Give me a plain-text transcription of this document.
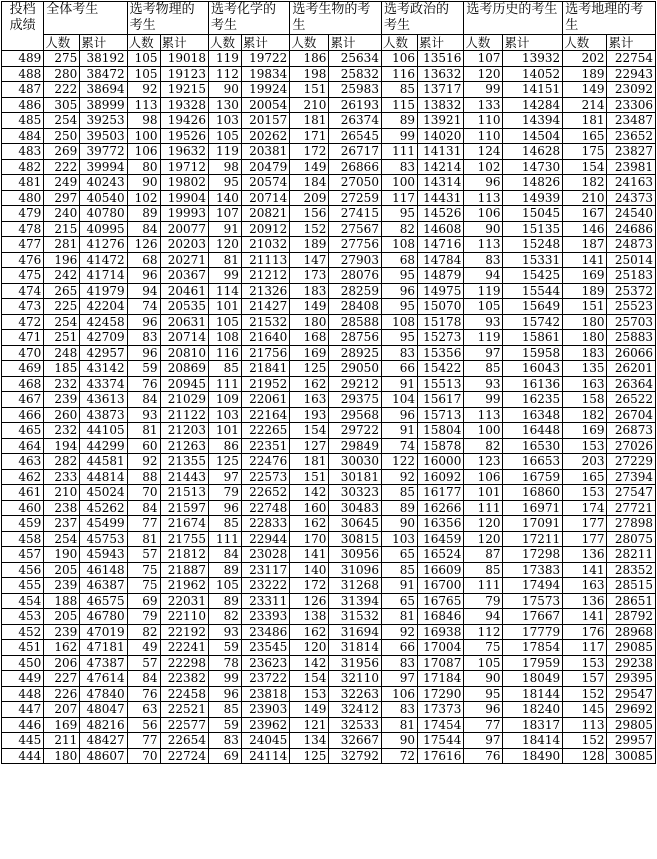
投档成绩	全体考生		选考物理的考生		选考化学的考生		选考生物的考生		选考政治的考生		选考历史的考生		选考地理的考生	
	人数	累计	人数	累计	人数	累计	人数	累计	人数	累计	人数	累计	人数	累计
489	275	38192	105	19018	119	19722	186	25634	106	13516	107	13932	202	22754
488	280	38472	105	19123	112	19834	198	25832	116	13632	120	14052	189	22943
487	222	38694	92	19215	90	19924	151	25983	85	13717	99	14151	149	23092
486	305	38999	113	19328	130	20054	210	26193	115	13832	133	14284	214	23306
485	254	39253	98	19426	103	20157	181	26374	89	13921	110	14394	181	23487
484	250	39503	100	19526	105	20262	171	26545	99	14020	110	14504	165	23652
483	269	39772	106	19632	119	20381	172	26717	111	14131	124	14628	175	23827
482	222	39994	80	19712	98	20479	149	26866	83	14214	102	14730	154	23981
481	249	40243	90	19802	95	20574	184	27050	100	14314	96	14826	182	24163
480	297	40540	102	19904	140	20714	209	27259	117	14431	113	14939	210	24373
479	240	40780	89	19993	107	20821	156	27415	95	14526	106	15045	167	24540
478	215	40995	84	20077	91	20912	152	27567	82	14608	90	15135	146	24686
477	281	41276	126	20203	120	21032	189	27756	108	14716	113	15248	187	24873
476	196	41472	68	20271	81	21113	147	27903	68	14784	83	15331	141	25014
475	242	41714	96	20367	99	21212	173	28076	95	14879	94	15425	169	25183
474	265	41979	94	20461	114	21326	183	28259	96	14975	119	15544	189	25372
473	225	42204	74	20535	101	21427	149	28408	95	15070	105	15649	151	25523
472	254	42458	96	20631	105	21532	180	28588	108	15178	93	15742	180	25703
471	251	42709	83	20714	108	21640	168	28756	95	15273	119	15861	180	25883
470	248	42957	96	20810	116	21756	169	28925	83	15356	97	15958	183	26066
469	185	43142	59	20869	85	21841	125	29050	66	15422	85	16043	135	26201
468	232	43374	76	20945	111	21952	162	29212	91	15513	93	16136	163	26364
467	239	43613	84	21029	109	22061	163	29375	104	15617	99	16235	158	26522
466	260	43873	93	21122	103	22164	193	29568	96	15713	113	16348	182	26704
465	232	44105	81	21203	101	22265	154	29722	91	15804	100	16448	169	26873
464	194	44299	60	21263	86	22351	127	29849	74	15878	82	16530	153	27026
463	282	44581	92	21355	125	22476	181	30030	122	16000	123	16653	203	27229
462	233	44814	88	21443	97	22573	151	30181	92	16092	106	16759	165	27394
461	210	45024	70	21513	79	22652	142	30323	85	16177	101	16860	153	27547
460	238	45262	84	21597	96	22748	160	30483	89	16266	111	16971	174	27721
459	237	45499	77	21674	85	22833	162	30645	90	16356	120	17091	177	27898
458	254	45753	81	21755	111	22944	170	30815	103	16459	120	17211	177	28075
457	190	45943	57	21812	84	23028	141	30956	65	16524	87	17298	136	28211
456	205	46148	75	21887	89	23117	140	31096	85	16609	85	17383	141	28352
455	239	46387	75	21962	105	23222	172	31268	91	16700	111	17494	163	28515
454	188	46575	69	22031	89	23311	126	31394	65	16765	79	17573	136	28651
453	205	46780	79	22110	82	23393	138	31532	81	16846	94	17667	141	28792
452	239	47019	82	22192	93	23486	162	31694	92	16938	112	17779	176	28968
451	162	47181	49	22241	59	23545	120	31814	66	17004	75	17854	117	29085
450	206	47387	57	22298	78	23623	142	31956	83	17087	105	17959	153	29238
449	227	47614	84	22382	99	23722	154	32110	97	17184	90	18049	157	29395
448	226	47840	76	22458	96	23818	153	32263	106	17290	95	18144	152	29547
447	207	48047	63	22521	85	23903	149	32412	83	17373	96	18240	145	29692
446	169	48216	56	22577	59	23962	121	32533	81	17454	77	18317	113	29805
445	211	48427	77	22654	83	24045	134	32667	90	17544	97	18414	152	29957
444	180	48607	70	22724	69	24114	125	32792	72	17616	76	18490	128	30085
